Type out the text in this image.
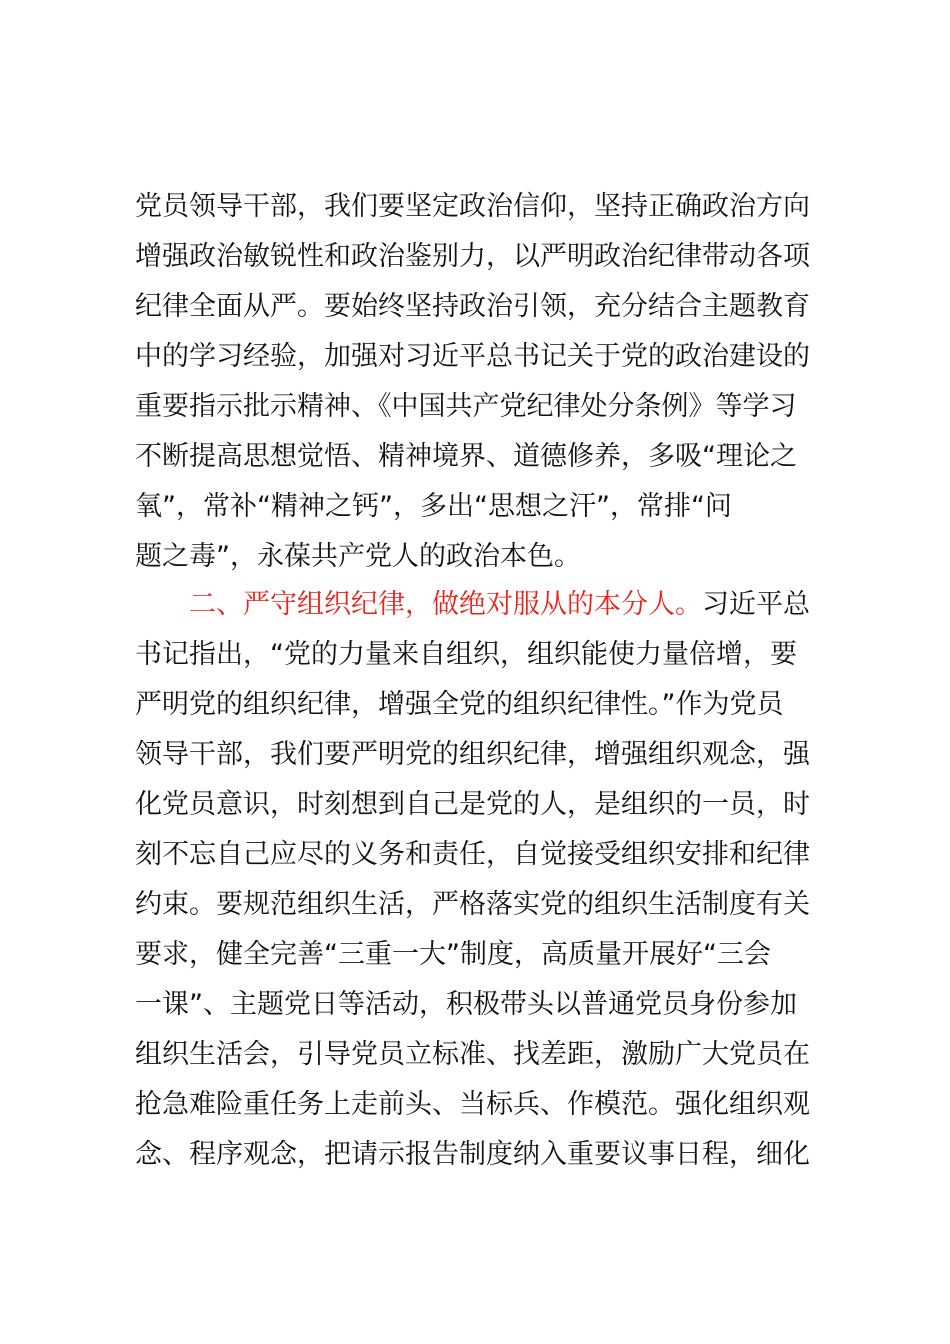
党员领导干部，我们要坚定政治信仰，坚持正确政治方向
增强政治敏锐性和政治鉴别力，以严明政治纪律带动各项
纪律全面从严。要始终坚持政治引领，充分结合主题教育
中的学习经验，加强对习近平总书记关于党的政治建设的
重要指示批示精神、《中国共产党纪律处分条例》等学习
不断提高思想觉悟、精神境界、道德修养，多吸“理论之
氧”，常补“精神之钙”，多出“思想之汗”，常排“问
题之毒”，永葆共产党人的政治本色。
二、严守组织纪律，做绝对服从的本分人。习近平总
书记指出，“党的力量来自组织，组织能使力量倍增，要
严明党的组织纪律，增强全党的组织纪律性。”作为党员
领导干部，我们要严明党的组织纪律，增强组织观念，强
化党员意识，时刻想到自己是党的人，是组织的一员，时
刻不忘自己应尽的义务和责任，自觉接受组织安排和纪律
约束。要规范组织生活，严格落实党的组织生活制度有关
要求，健全完善“三重一大”制度，高质量开展好“三会
一课”、主题党日等活动，积极带头以普通党员身份参加
组织生活会，引导党员立标准、找差距，激励广大党员在
抢急难险重任务上走前头、当标兵、作模范。强化组织观
念、程序观念，把请示报告制度纳入重要议事日程，细化
